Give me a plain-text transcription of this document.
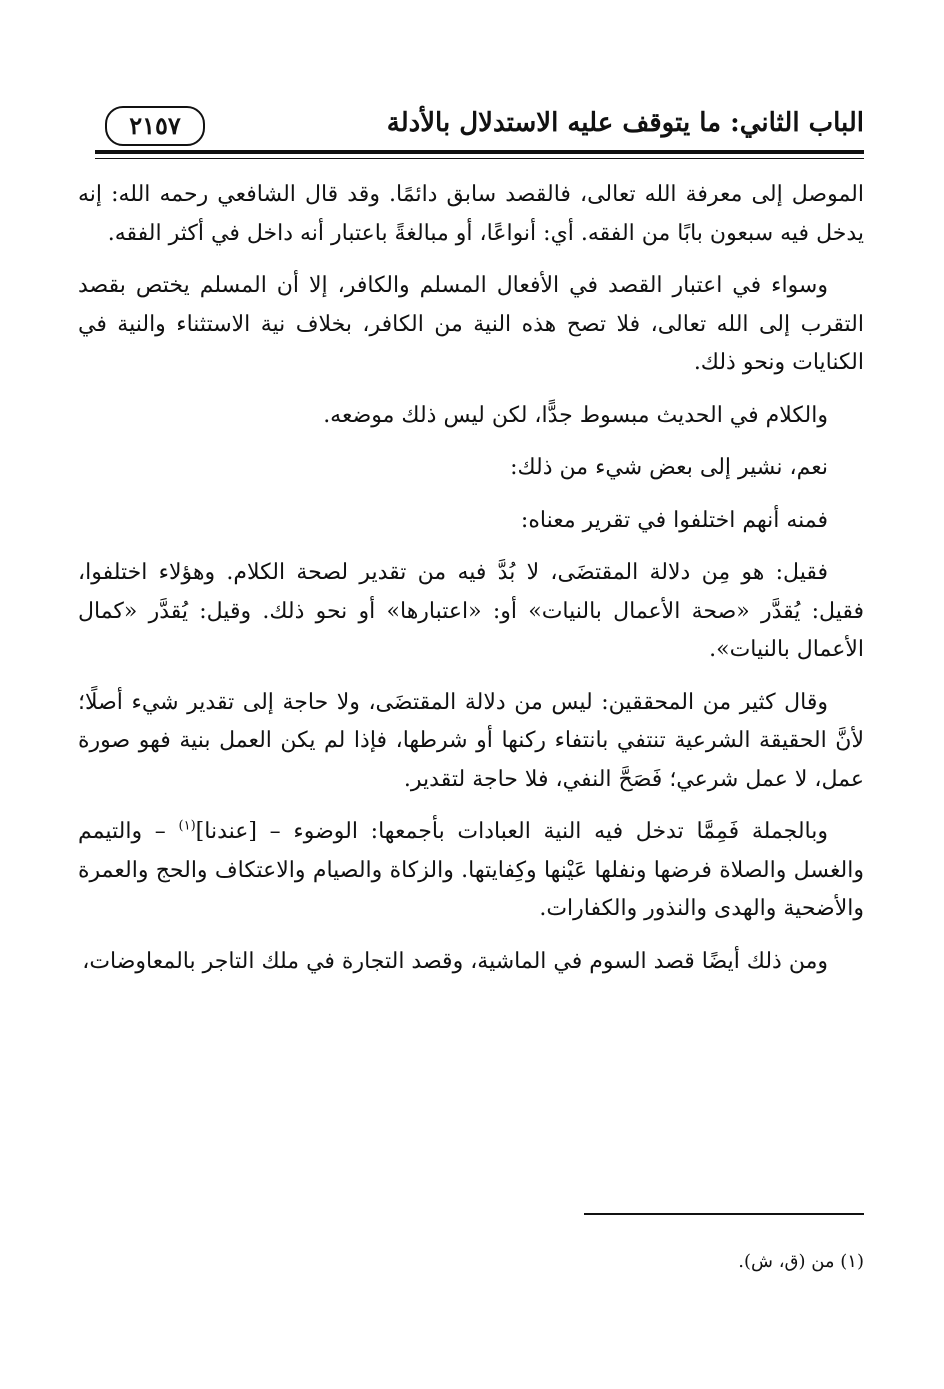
الباب الثاني: ما يتوقف عليه الاستدلال بالأدلة
٢١٥٧

الموصل إلى معرفة الله تعالى، فالقصد سابق دائمًا. وقد قال الشافعي رحمه الله: إنه يدخل فيه سبعون بابًا من الفقه. أي: أنواعًا، أو مبالغةً باعتبار أنه داخل في أكثر الفقه.

وسواء في اعتبار القصد في الأفعال المسلم والكافر، إلا أن المسلم يختص بقصد التقرب إلى الله تعالى، فلا تصح هذه النية من الكافر، بخلاف نية الاستثناء والنية في الكنايات ونحو ذلك.

والكلام في الحديث مبسوط جدًّا، لكن ليس ذلك موضعه.

نعم، نشير إلى بعض شيء من ذلك:

فمنه أنهم اختلفوا في تقرير معناه:

فقيل: هو مِن دلالة المقتضَى، لا بُدَّ فيه من تقدير لصحة الكلام. وهؤلاء اختلفوا، فقيل: يُقدَّر «صحة الأعمال بالنيات» أو: «اعتبارها» أو نحو ذلك. وقيل: يُقدَّر «كمال الأعمال بالنيات».

وقال كثير من المحققين: ليس من دلالة المقتضَى، ولا حاجة إلى تقدير شيء أصلًا؛ لأنَّ الحقيقة الشرعية تنتفي بانتفاء ركنها أو شرطها، فإذا لم يكن العمل بنية فهو صورة عمل، لا عمل شرعي؛ فَصَحَّ النفي، فلا حاجة لتقدير.

وبالجملة فَمِمَّا تدخل فيه النية العبادات بأجمعها: الوضوء – [عندنا]$^{(١)}$ – والتيمم والغسل والصلاة فرضها ونفلها عَيْنها وكِفايتها. والزكاة والصيام والاعتكاف والحج والعمرة والأضحية والهدى والنذور والكفارات.

ومن ذلك أيضًا قصد السوم في الماشية، وقصد التجارة في ملك التاجر بالمعاوضات،

(١) من (ق، ش).
